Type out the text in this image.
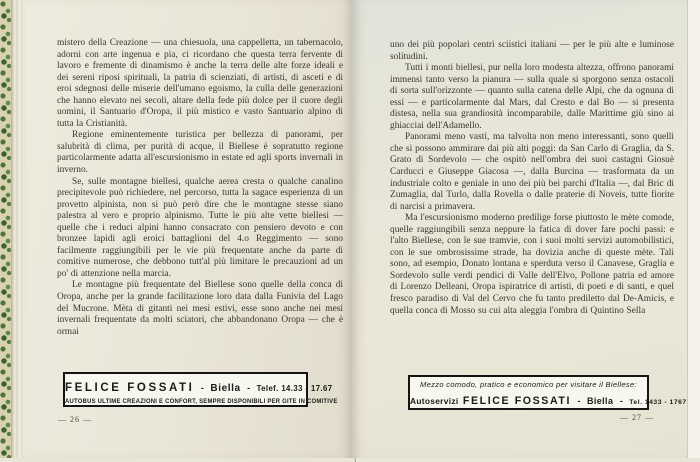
mistero della Creazione — una chiesuola, una cappelletta, un tabernacolo, adorni con arte ingenua e pia, ci ricordano che questa terra fervente di lavoro e fremente di dinamismo è anche la terra delle alte forze ideali e dei sereni riposi spirituali, la patria di scienziati, di artisti, di asceti e di eroi sdegnosi delle miserie dell'umano egoismo, la culla delle generazioni che hanno elevato nei secoli, altare della fede più dolce per il cuore degli uomini, il Santuario d'Oropa, il più mistico e vasto Santuario alpino di tutta la Cristianità.

Regione eminentemente turistica per bellezza di panorami, per salubrità di clima, per purità di acque, il Biellese è sopratutto regione particolarmente adatta all'escursionismo in estate ed agli sports invernali in inverno.

Se, sulle montagne biellesi, qualche aerea cresta o qualche canalino precipitevole può richiedere, nel percorso, tutta la sagace esperienza di un provetto alpinista, non si può però dire che le montagne stesse siano palestra al vero e proprio alpinismo. Tutte le più alte vette biellesi — quelle che i reduci alpini hanno consacrato con pensiero devoto e con bronzee lapidi agli eroici battaglioni del 4.o Reggimento — sono facilmente raggiungibili per le vie più frequentate anche da parte di comitive numerose, che debbono tutt'al più limitare le precauzioni ad un po' di attenzione nella marcia.

Le montagne più frequentate del Biellese sono quelle della conca di Oropa, anche per la grande facilitazione loro data dalla Funivia del Lago del Mucrone. Mèta di gitanti nei mesi estivi, esse sono anche nei mesi invernali frequentate da molti sciatori, che abbandonano Oropa — che è ormai

FELICE FOSSATI - Biella - Telef. 14.33 - 17.67
AUTOBUS ULTIME CREAZIONI E CONFORT, SEMPRE DISPONIBILI PER GITE IN COMITIVE
— 26 —

uno dei più popolari centri sciistici italiani — per le più alte e luminose solitudini.

Tutti i monti biellesi, pur nella loro modesta altezza, offrono panorami immensi tanto verso la pianura — sulla quale si sporgono senza ostacoli di sorta sull'orizzonte — quanto sulla catena delle Alpi, che da ognuna di essi — e particolarmente dal Mars, dal Cresto e dal Bo — si presenta distesa, nella sua grandiosità incomparabile, dalle Marittime giù sino ai ghiacciai dell'Adamello.

Panorami meno vasti, ma talvolta non meno interessanti, sono quelli che si possono ammirare dai più alti poggi: da San Carlo di Graglia, da S. Grato di Sordevolo — che ospitò nell'ombra dei suoi castagni Giosuè Carducci e Giuseppe Giacosa —, dalla Burcina — trasformata da un industriale colto e geniale in uno dei più bei parchi d'Italia —, dal Bric di Zumaglia, dal Turlo, dalla Rovella o dalle praterie di Noveis, tutte fiorite di narcisi a primavera.

Ma l'escursionismo moderno predilige forse piuttosto le mète comode, quelle raggiungibili senza neppure la fatica di dover fare pochi passi: e l'alto Biellese, con le sue tramvie, con i suoi molti servizi automobilistici, con le sue ombrosissime strade, ha dovizia anche di queste mète. Tali sono, ad esempio, Donato lontana e sperduta verso il Canavese, Graglia e Sordevolo sulle verdi pendici di Valle dell'Elvo, Pollone patria ed amore di Lorenzo Delleani, Oropa ispiratrice di artisti, di poeti e di santi, e quel fresco paradiso di Val del Cervo che fu tanto prediletto dal De-Amicis, e quella conca di Mosso su cui alta aleggia l'ombra di Quintino Sella

Mezzo comodo, pratico e economico per visitare il Biellese:
Autoservizi FELICE FOSSATI - Biella - Tel. 1433 - 1767
— 27 —
